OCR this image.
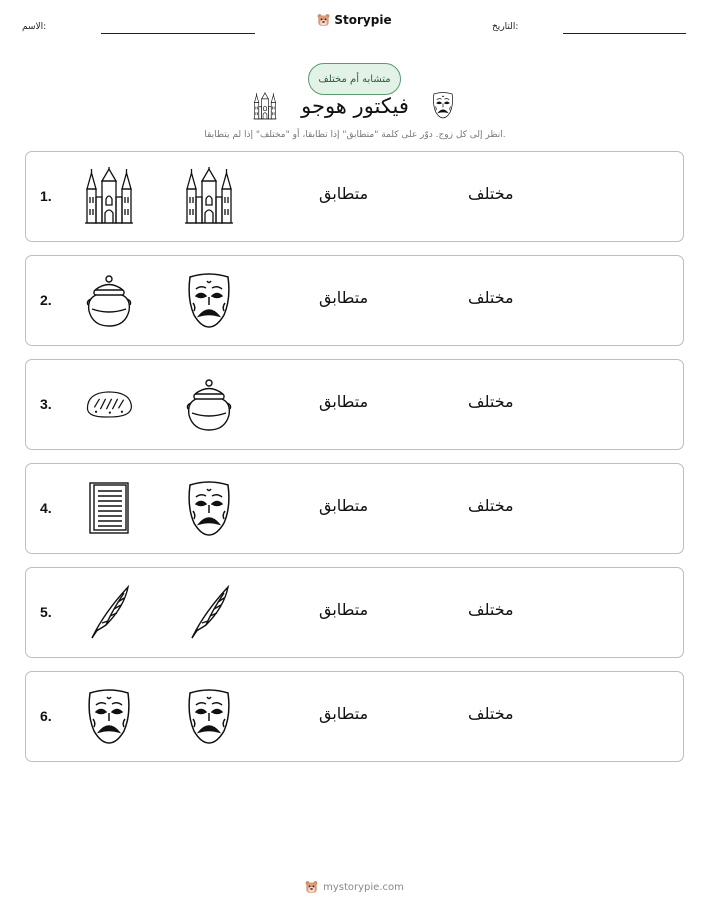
الاسم:	Storypie	التاريخ:
متشابه أم مختلف
فيكتور هوجو
انظر إلى كل زوج. دوّر على كلمة "متطابق" إذا تطابقا، أو "مختلف" إذا لم يتطابقا.
1.	متطابق	مختلف
2.	متطابق	مختلف
3.	متطابق	مختلف
4.	متطابق	مختلف
5.	متطابق	مختلف
6.	متطابق	مختلف
mystorypie.com
